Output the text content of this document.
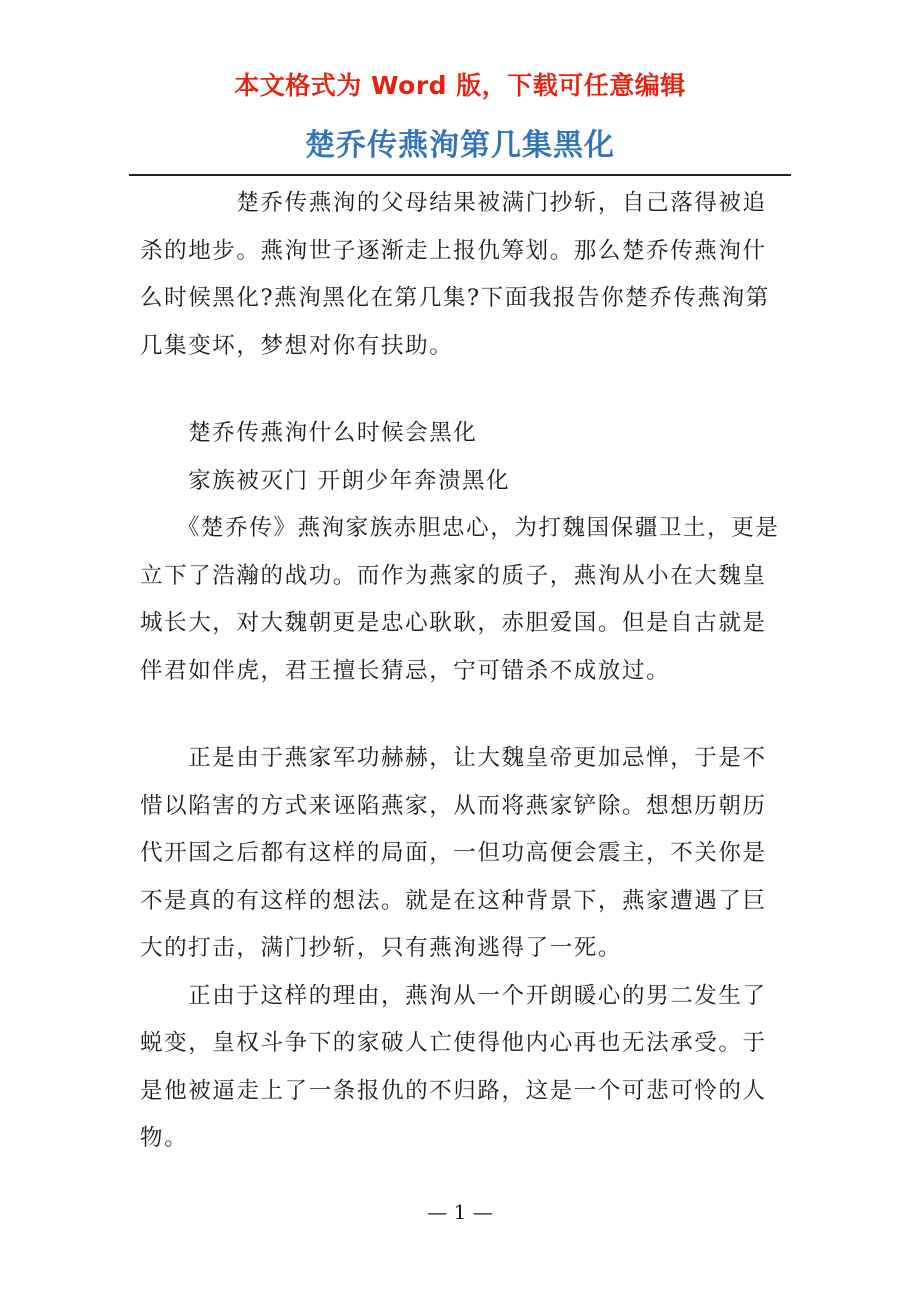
本文格式为 Word 版，下载可任意编辑
楚乔传燕洵第几集黑化

　　　　楚乔传燕洵的父母结果被满门抄斩，自己落得被追杀的地步。燕洵世子逐渐走上报仇筹划。那么楚乔传燕洵什么时候黑化?燕洵黑化在第几集?下面我报告你楚乔传燕洵第几集变坏，梦想对你有扶助。

　　楚乔传燕洵什么时候会黑化

　　家族被灭门 开朗少年奔溃黑化

　　《楚乔传》燕洵家族赤胆忠心，为打魏国保疆卫土，更是立下了浩瀚的战功。而作为燕家的质子，燕洵从小在大魏皇城长大，对大魏朝更是忠心耿耿，赤胆爱国。但是自古就是伴君如伴虎，君王擅长猜忌，宁可错杀不成放过。

　　正是由于燕家军功赫赫，让大魏皇帝更加忌惮，于是不惜以陷害的方式来诬陷燕家，从而将燕家铲除。想想历朝历代开国之后都有这样的局面，一但功高便会震主，不关你是不是真的有这样的想法。就是在这种背景下，燕家遭遇了巨大的打击，满门抄斩，只有燕洵逃得了一死。

　　正由于这样的理由，燕洵从一个开朗暖心的男二发生了蜕变，皇权斗争下的家破人亡使得他内心再也无法承受。于是他被逼走上了一条报仇的不归路，这是一个可悲可怜的人物。

— 1 —
